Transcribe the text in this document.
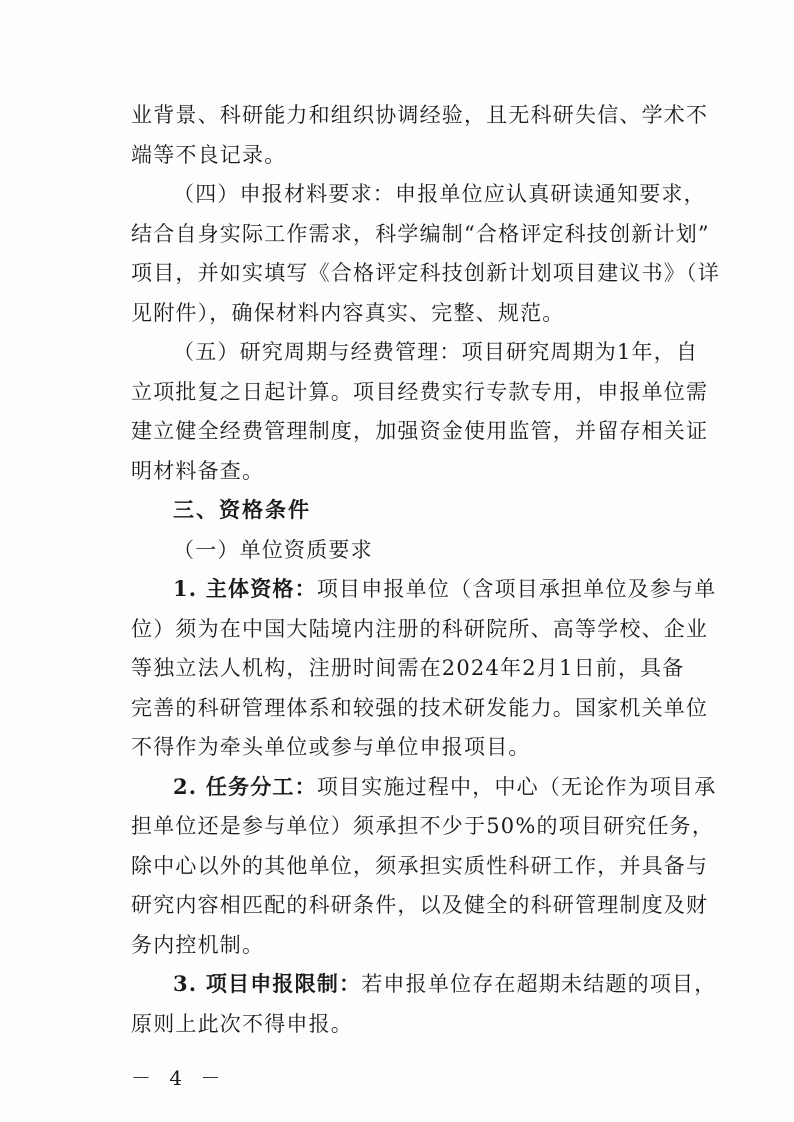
业背景、科研能力和组织协调经验，且无科研失信、学术不
端等不良记录。
（四）申报材料要求：申报单位应认真研读通知要求，
结合自身实际工作需求，科学编制“合格评定科技创新计划”
项目，并如实填写《合格评定科技创新计划项目建议书》（详
见附件），确保材料内容真实、完整、规范。
（五）研究周期与经费管理：项目研究周期为1年，自
立项批复之日起计算。项目经费实行专款专用，申报单位需
建立健全经费管理制度，加强资金使用监管，并留存相关证
明材料备查。
三、资格条件
（一）单位资质要求
1. 主体资格：项目申报单位（含项目承担单位及参与单
位）须为在中国大陆境内注册的科研院所、高等学校、企业
等独立法人机构，注册时间需在2024年2月1日前，具备
完善的科研管理体系和较强的技术研发能力。国家机关单位
不得作为牵头单位或参与单位申报项目。
2. 任务分工：项目实施过程中，中心（无论作为项目承
担单位还是参与单位）须承担不少于50%的项目研究任务，
除中心以外的其他单位，须承担实质性科研工作，并具备与
研究内容相匹配的科研条件，以及健全的科研管理制度及财
务内控机制。
3. 项目申报限制：若申报单位存在超期未结题的项目，
原则上此次不得申报。
－ 4 －
